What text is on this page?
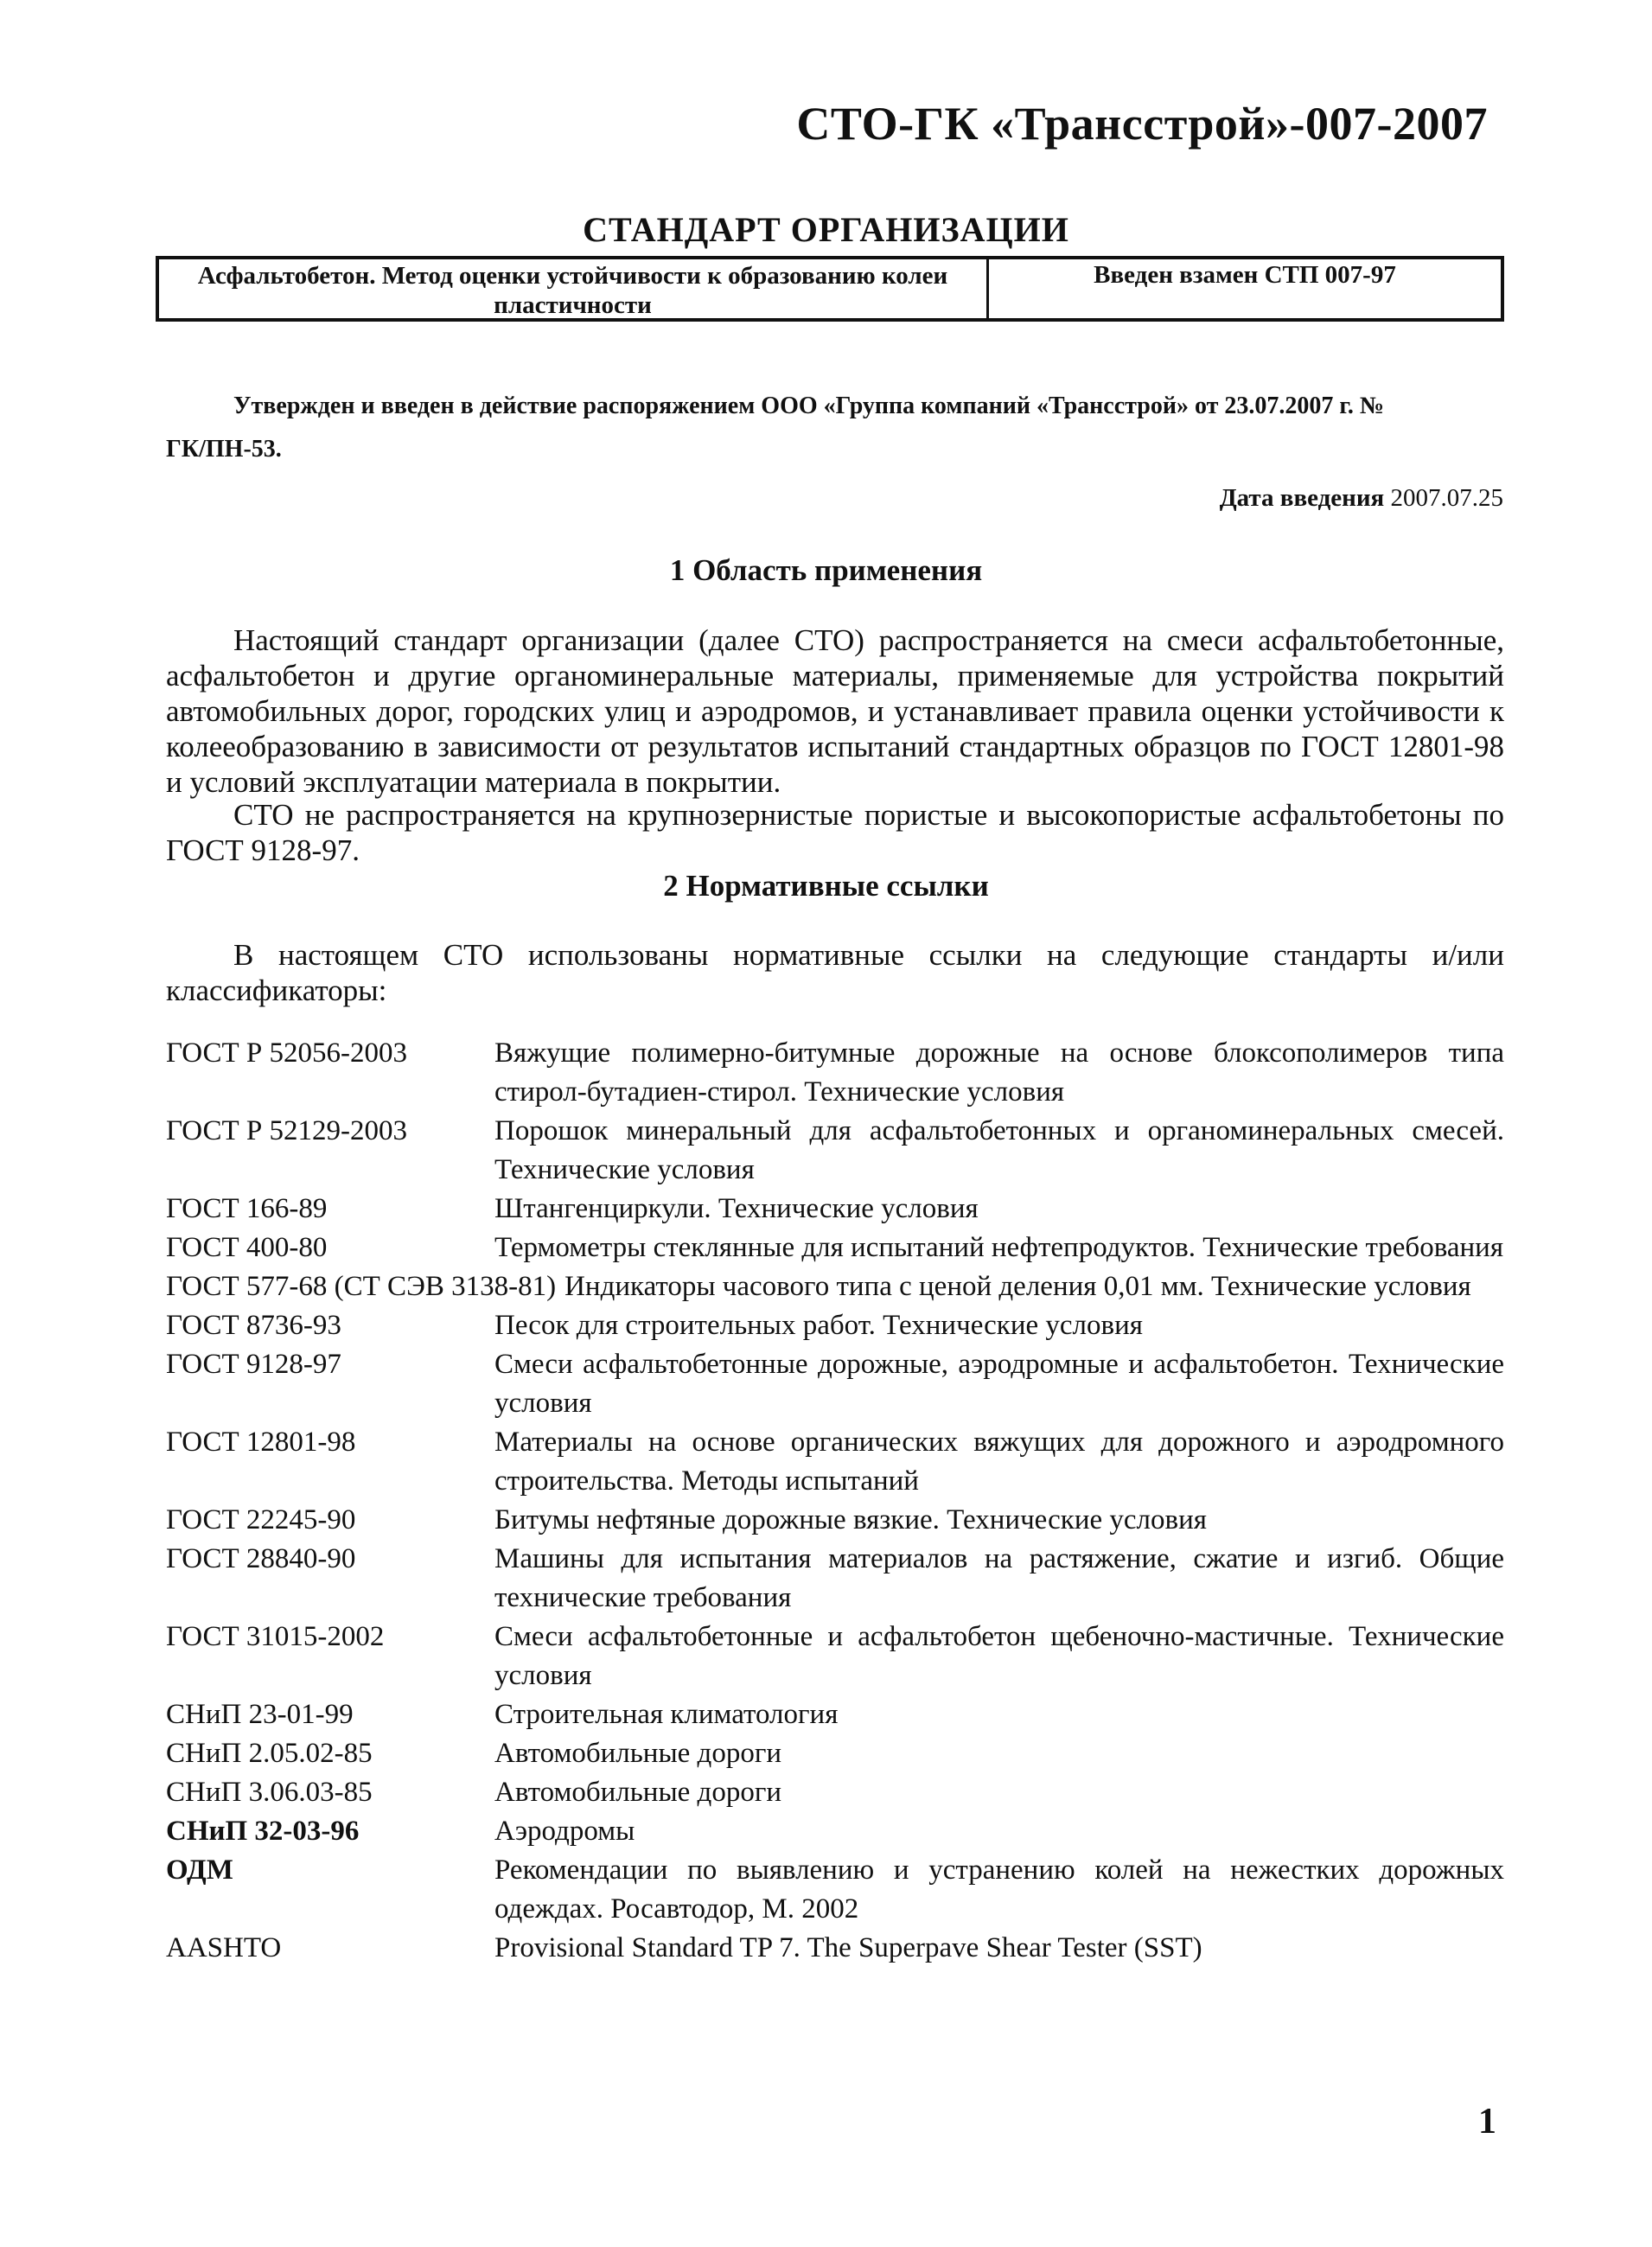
СТО-ГК «Трансстрой»-007-2007
СТАНДАРТ ОРГАНИЗАЦИИ
Асфальтобетон. Метод оценки устойчивости к образованию колеи
пластичности
Введен взамен СТП 007-97
Утвержден и введен в действие распоряжением ООО «Группа компаний «Трансстрой» от 23.07.2007 г. №
ГК/ПН-53.
Дата введения 2007.07.25
1 Область применения
Настоящий стандарт организации (далее СТО) распространяется на смеси асфальтобетонные, асфальтобетон и другие органоминеральные материалы, применяемые для устройства покрытий автомобильных дорог, городских улиц и аэродромов, и устанавливает правила оценки устойчивости к колееобразованию в зависимости от результатов испытаний стандартных образцов по ГОСТ 12801-98 и условий эксплуатации материала в покрытии.
СТО не распространяется на крупнозернистые пористые и высокопористые асфальтобетоны по ГОСТ 9128-97.
2 Нормативные ссылки
В настоящем СТО использованы нормативные ссылки на следующие стандарты и/или классификаторы:
ГОСТ Р 52056-2003	Вяжущие полимерно-битумные дорожные на основе блоксополимеров типа стирол-бутадиен-стирол. Технические условия
ГОСТ Р 52129-2003	Порошок минеральный для асфальтобетонных и органоминеральных смесей. Технические условия
ГОСТ 166-89	Штангенциркули. Технические условия
ГОСТ 400-80	Термометры стеклянные для испытаний нефтепродуктов. Технические требования
ГОСТ 577-68 (СТ СЭВ 3138-81) Индикаторы часового типа с ценой деления 0,01 мм. Технические условия
ГОСТ 8736-93	Песок для строительных работ. Технические условия
ГОСТ 9128-97	Смеси асфальтобетонные дорожные, аэродромные и асфальтобетон. Технические условия
ГОСТ 12801-98	Материалы на основе органических вяжущих для дорожного и аэродромного строительства. Методы испытаний
ГОСТ 22245-90	Битумы нефтяные дорожные вязкие. Технические условия
ГОСТ 28840-90	Машины для испытания материалов на растяжение, сжатие и изгиб. Общие технические требования
ГОСТ 31015-2002	Смеси асфальтобетонные и асфальтобетон щебеночно-мастичные. Технические условия
СНиП 23-01-99	Строительная климатология
СНиП 2.05.02-85	Автомобильные дороги
СНиП 3.06.03-85	Автомобильные дороги
СНиП 32-03-96	Аэродромы
ОДМ	Рекомендации по выявлению и устранению колей на нежестких дорожных одеждах. Росавтодор, М. 2002
AASHTO	Provisional Standard TP 7. The Superpave Shear Tester (SST)
1
